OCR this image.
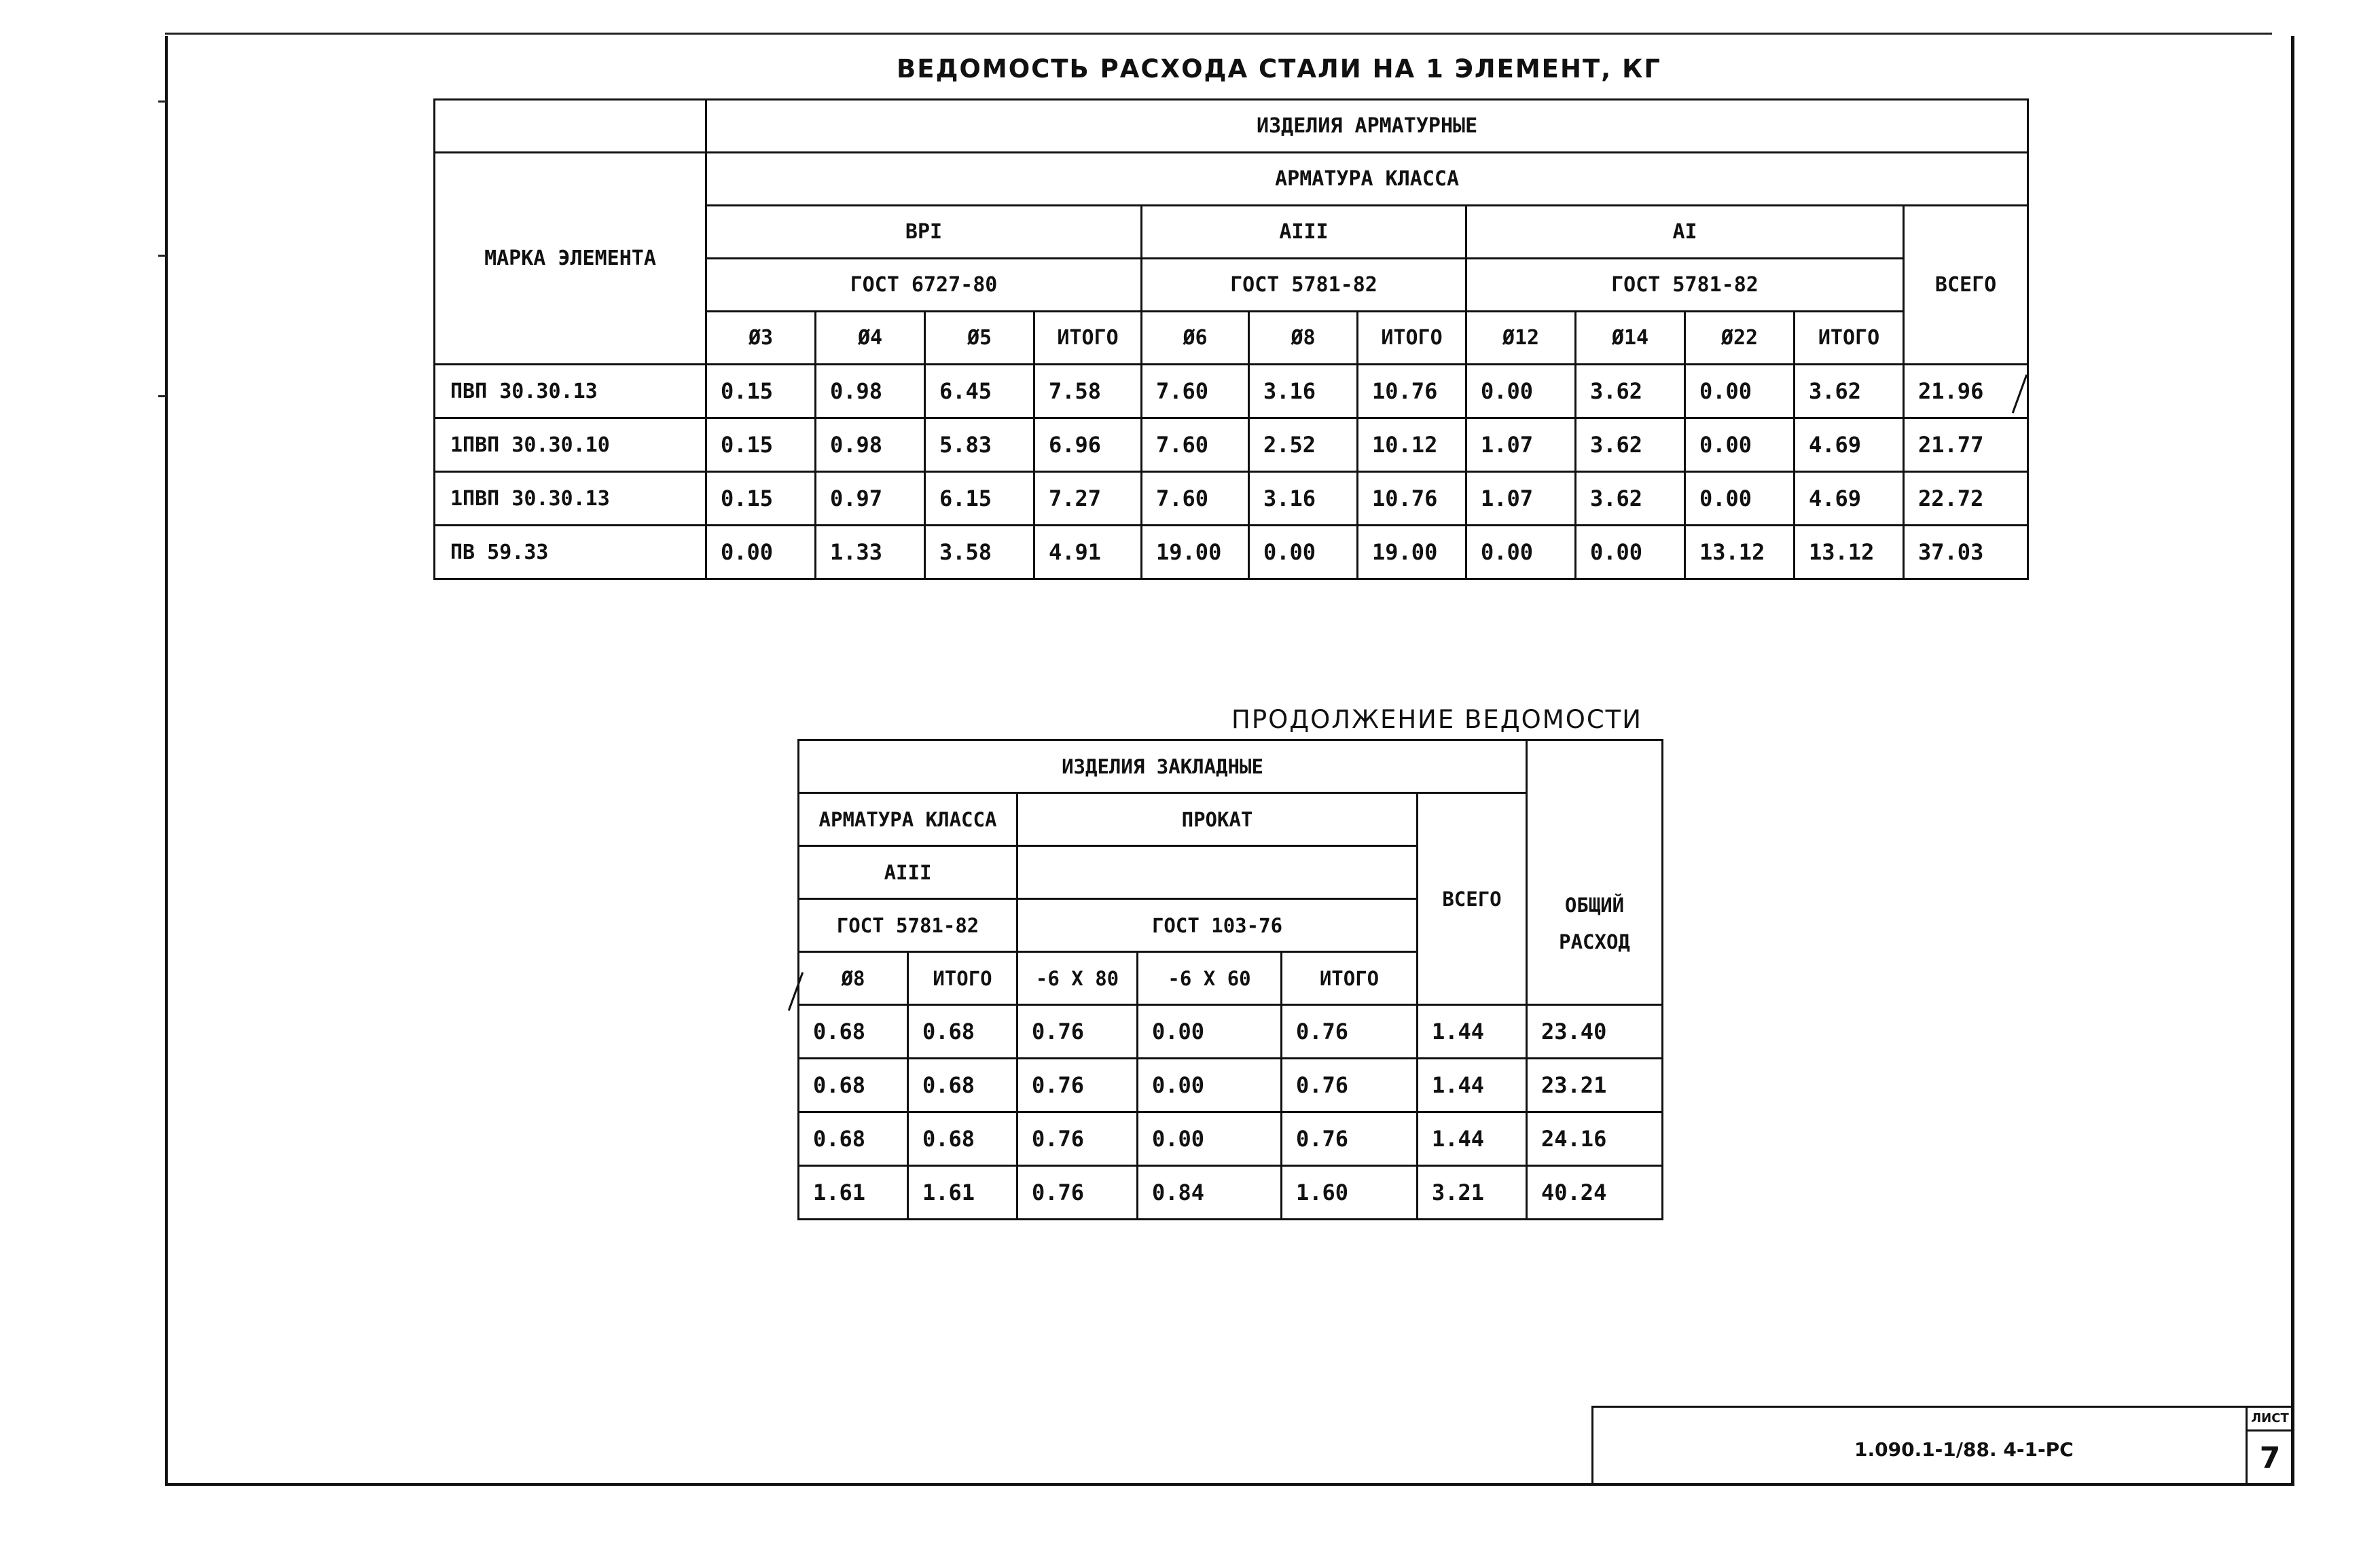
ВЕДОМОСТЬ РАСХОДА СТАЛИ НА 1 ЭЛЕМЕНТ, КГ
	ИЗДЕЛИЯ АРМАТУРНЫЕ											
МАРКА ЭЛЕМЕНТА	АРМАТУРА КЛАССА											
	ВРI				АIII			АI				ВСЕГО
	ГОСТ 6727-80				ГОСТ 5781-82			ГОСТ 5781-82				
	Ø3	Ø4	Ø5	ИТОГО	Ø6	Ø8	ИТОГО	Ø12	Ø14	Ø22	ИТОГО	
ПВП 30.30.13	0.15	0.98	6.45	7.58	7.60	3.16	10.76	0.00	3.62	0.00	3.62	21.96
1ПВП 30.30.10	0.15	0.98	5.83	6.96	7.60	2.52	10.12	1.07	3.62	0.00	4.69	21.77
1ПВП 30.30.13	0.15	0.97	6.15	7.27	7.60	3.16	10.76	1.07	3.62	0.00	4.69	22.72
ПВ 59.33	0.00	1.33	3.58	4.91	19.00	0.00	19.00	0.00	0.00	13.12	13.12	37.03
ПРОДОЛЖЕНИЕ ВЕДОМОСТИ
ИЗДЕЛИЯ ЗАКЛАДНЫЕ						ОБЩИЙ РАСХОД
АРМАТУРА КЛАССА		ПРОКАТ			ВСЕГО	
АIII						
ГОСТ 5781-82		ГОСТ 103-76				
Ø8	ИТОГО	-6 Х 80	-6 Х 60	ИТОГО		
0.68	0.68	0.76	0.00	0.76	1.44	23.40
0.68	0.68	0.76	0.00	0.76	1.44	23.21
0.68	0.68	0.76	0.00	0.76	1.44	24.16
1.61	1.61	0.76	0.84	1.60	3.21	40.24
1.090.1-1/88. 4-1-РС
ЛИСТ
7
